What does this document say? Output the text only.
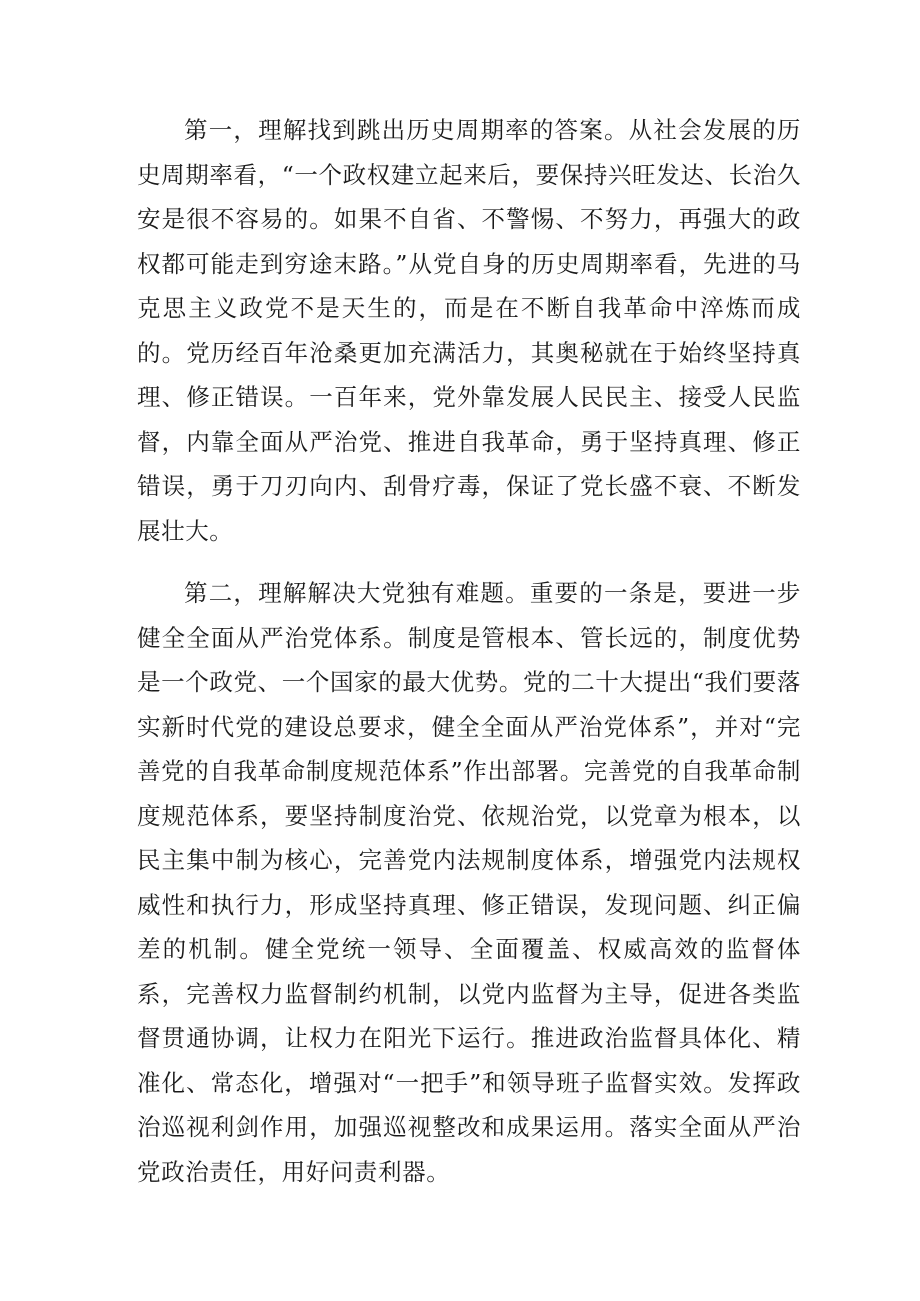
第一，理解找到跳出历史周期率的答案。从社会发展的历史周期率看，“一个政权建立起来后，要保持兴旺发达、长治久安是很不容易的。如果不自省、不警惕、不努力，再强大的政权都可能走到穷途末路。”从党自身的历史周期率看，先进的马克思主义政党不是天生的，而是在不断自我革命中淬炼而成的。党历经百年沧桑更加充满活力，其奥秘就在于始终坚持真理、修正错误。一百年来，党外靠发展人民民主、接受人民监督，内靠全面从严治党、推进自我革命，勇于坚持真理、修正错误，勇于刀刃向内、刮骨疗毒，保证了党长盛不衰、不断发展壮大。

第二，理解解决大党独有难题。重要的一条是，要进一步健全全面从严治党体系。制度是管根本、管长远的，制度优势是一个政党、一个国家的最大优势。党的二十大提出“我们要落实新时代党的建设总要求，健全全面从严治党体系”，并对“完善党的自我革命制度规范体系”作出部署。完善党的自我革命制度规范体系，要坚持制度治党、依规治党，以党章为根本，以民主集中制为核心，完善党内法规制度体系，增强党内法规权威性和执行力，形成坚持真理、修正错误，发现问题、纠正偏差的机制。健全党统一领导、全面覆盖、权威高效的监督体系，完善权力监督制约机制，以党内监督为主导，促进各类监督贯通协调，让权力在阳光下运行。推进政治监督具体化、精准化、常态化，增强对“一把手”和领导班子监督实效。发挥政治巡视利剑作用，加强巡视整改和成果运用。落实全面从严治党政治责任，用好问责利器。
